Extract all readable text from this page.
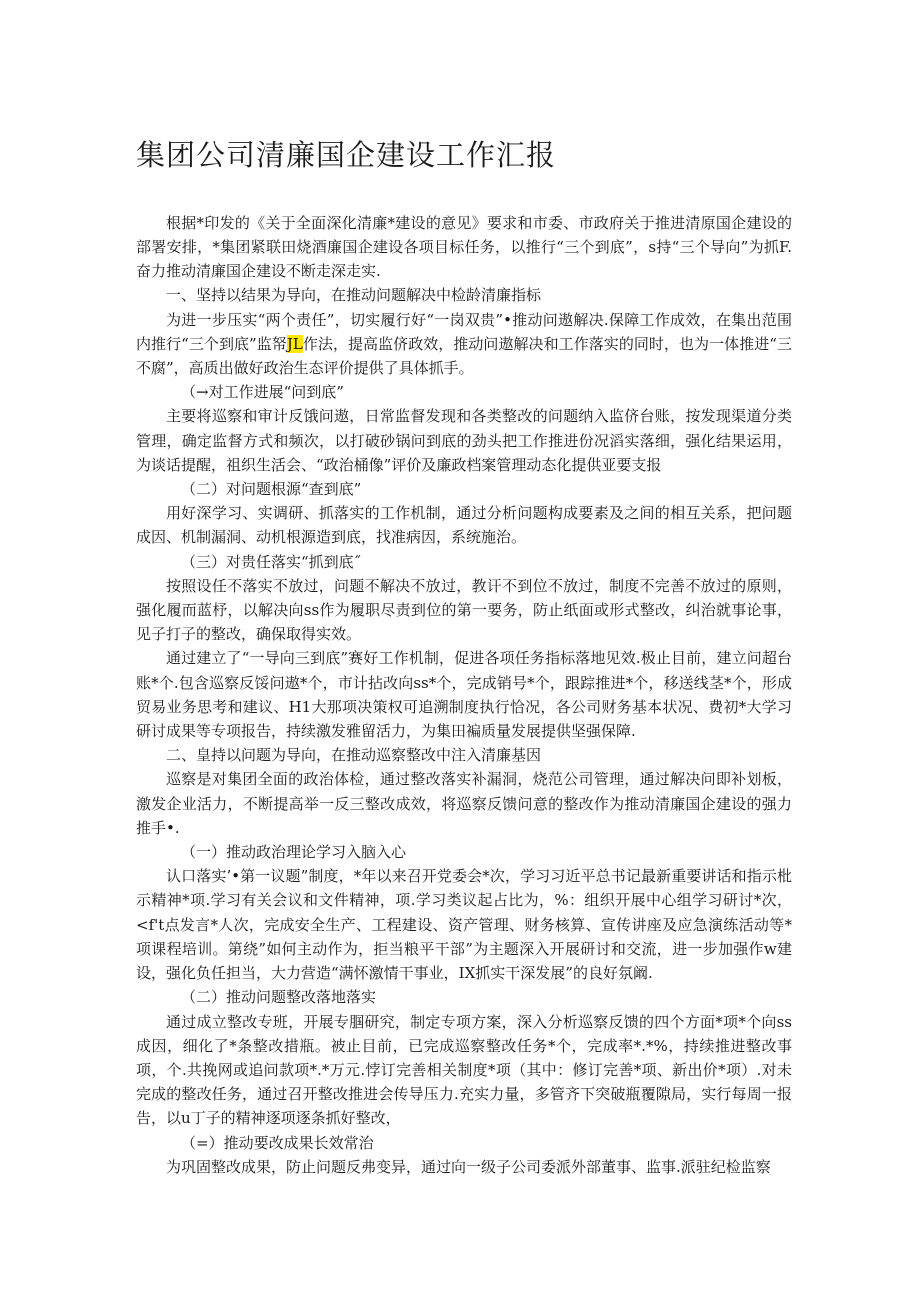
集团公司清廉国企建设工作汇报

根据*印发的《关于全面深化清廉*建设的意见》要求和市委、市政府关于推进清原国企建设的部署安排，*集团紧联田烧酒廉国企建设各项目标任务，以推行“三个到底”，s持“三个导向”为抓F.奋力推动清廉国企建设不断走深走实.

一、坚持以结果为导向，在推动问题解决中检龄清廉指标

为进一步压实“两个责任”，切实履行好“一岗双贵”•推动问遨解决.保障工作成效，在集出范围内推行“三个到底”监帑JL作法，提高监侪政效，推动问遨解决和工作落实的同时，也为一体推进“三不腐”，高质出做好政治生态评价提供了具体抓手。

（→对工作进展“问到底”

主要将巡察和审计反饿问遨，日常监督发现和各类整改的问题纳入监侪台账，按发现渠道分类管理，确定监督方式和频次，以打破砂锅问到底的劲头把工作推进份况滔实落细，强化结果运用，为谈话提醒，祖织生活会、“政治桶像”评价及廉政档案管理动态化提供亚要支报

（二）对问题根源“查到底”

用好深学习、实调研、抓落实的工作机制，通过分析问题构成要素及之间的相互关系，把问题成因、机制漏洞、动机根源造到底，找准病因，系统施治。

（三）对贵任落实“抓到底˝

按照设任不落实不放过，问题不解决不放过，教讦不到位不放过，制度不完善不放过的原则，强化履而蓝杼，以解决向ss作为履职尽责到位的第一要务，防止纸面或形式整改，纠治就事论事，见子打子的整改，确保取得实效。

通过建立了“一导向三到底”赛好工作机制，促进各项任务指标落地见效.极止目前，建立问超台账*个.包含巡察反馁问遨*个，市计拈改向ss*个，完成销号*个，跟踪推进*个，移送线茎*个，形成贸易业务思考和建议、H1大那项决策权可追溯制度执行恰况，各公司财务基本状况、费初*大学习研讨成果等专项报告，持续激发雅留活力，为集田褊质量发展提供坚强保障.

二、皇持以问题为导向，在推动巡察整改中注入清廉基因

巡察是对集团全面的政治体检，通过整改落实补漏洞，烧范公司管理，通过解决问即补划板，激发企业活力，不断提高举一反三整改成效，将巡察反馈问意的整改作为推动清廉国企建设的强力推手•.

（一）推动政治理论学习入脑入心

认口落实’•第一议题”制度，*年以来召开党委会*次，学习习近平总书记最新重要讲话和指示枇示精神*项.学习有关会议和文件精神，项.学习类议起占比为，%：组织开展中心组学习研讨*次，<f't点发言*人次，完成安全生产、工程建设、资产管理、财务核算、宣传讲座及应急演练活动等*项课程培训。第绕”如何主动作为，拒当粮平干部”为主题深入开展研讨和交流，进一步加强作w建设，强化负任担当，大力营造“满怀激情干事业，IX抓实干深发展”的良好氛阚.

（二）推动问题整改落地落实

通过成立整改专班，开展专腘研究，制定专项方案，深入分析巡察反馈的四个方面*项*个向ss成因，细化了*条整改措瓶。被止目前，已完成巡察整改任务*个，完成率*.*%，持续推进整改事项，个.共挽网或追问款项*.*万元.悖订完善相关制度*项（其中：修订完善*项、新出价*项）.对未完成的整改任务，通过召开整改推进会传导压力.充实力量，多管齐下突破瓶覆隙局，实行每周一报告，以u丁子的精神逐项逐条抓好整改，

（=）推动要改成果长效常治

为巩固整改成果，防止问题反弗变异，通过向一级子公司委派外部董事、监事.派驻纪检监察
